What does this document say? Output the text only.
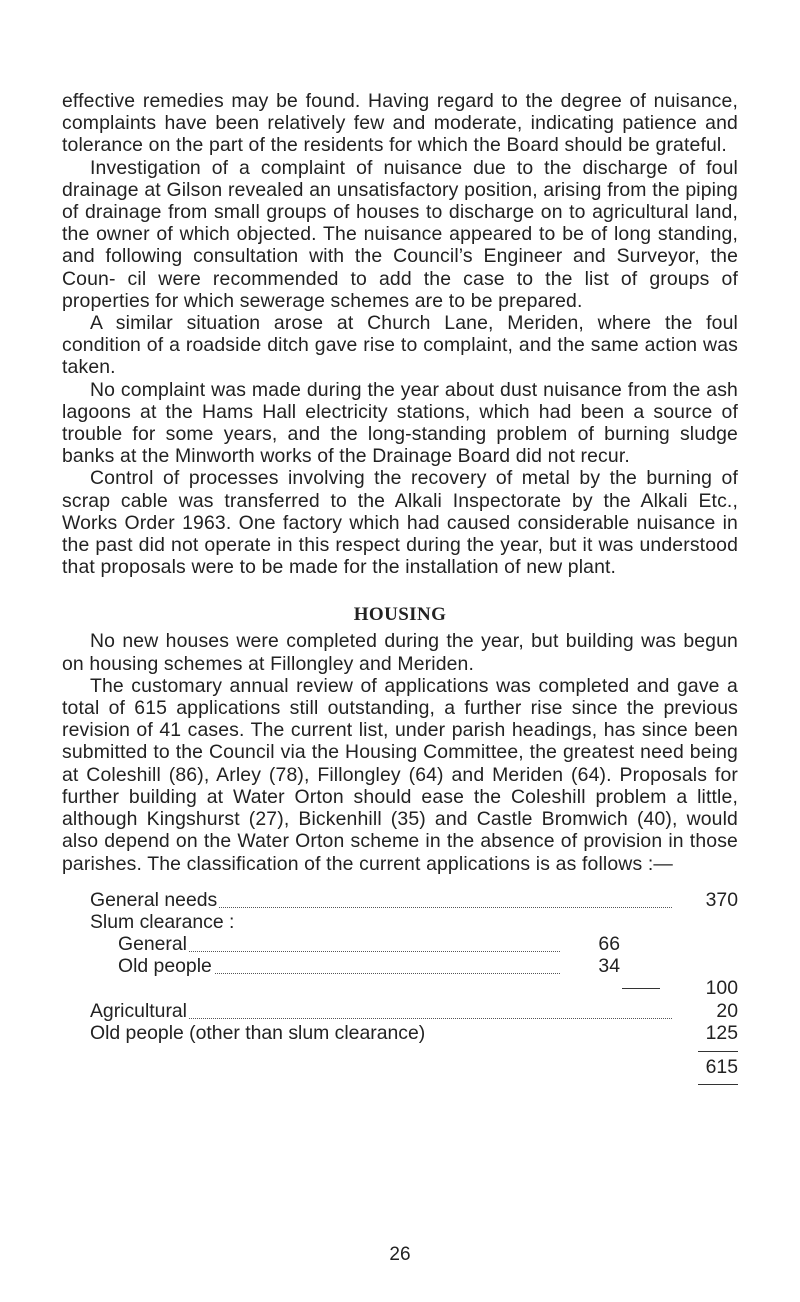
effective remedies may be found. Having regard to the degree of nuisance, complaints have been relatively few and moderate, indicating patience and tolerance on the part of the residents for which the Board should be grateful.

Investigation of a complaint of nuisance due to the discharge of foul drainage at Gilson revealed an unsatisfactory position, arising from the piping of drainage from small groups of houses to discharge on to agricultural land, the owner of which objected. The nuisance appeared to be of long standing, and following consultation with the Council’s Engineer and Surveyor, the Coun- cil were recommended to add the case to the list of groups of properties for which sewerage schemes are to be prepared.

A similar situation arose at Church Lane, Meriden, where the foul condition of a roadside ditch gave rise to complaint, and the same action was taken.

No complaint was made during the year about dust nuisance from the ash lagoons at the Hams Hall electricity stations, which had been a source of trouble for some years, and the long-standing problem of burning sludge banks at the Minworth works of the Drainage Board did not recur.

Control of processes involving the recovery of metal by the burning of scrap cable was transferred to the Alkali Inspectorate by the Alkali Etc., Works Order 1963. One factory which had caused considerable nuisance in the past did not operate in this respect during the year, but it was understood that proposals were to be made for the installation of new plant.

HOUSING

No new houses were completed during the year, but building was begun on housing schemes at Fillongley and Meriden.

The customary annual review of applications was completed and gave a total of 615 applications still outstanding, a further rise since the previous revision of 41 cases. The current list, under parish headings, has since been submitted to the Council via the Housing Committee, the greatest need being at Coleshill (86), Arley (78), Fillongley (64) and Meriden (64). Proposals for further building at Water Orton should ease the Coleshill problem a little, although Kingshurst (27), Bickenhill (35) and Castle Bromwich (40), would also depend on the Water Orton scheme in the absence of provision in those parishes. The classification of the current applications is as follows :—

General needs	370
Slum clearance :
General	66
Old people	34
100
Agricultural	20
Old people (other than slum clearance)	125
615
26
